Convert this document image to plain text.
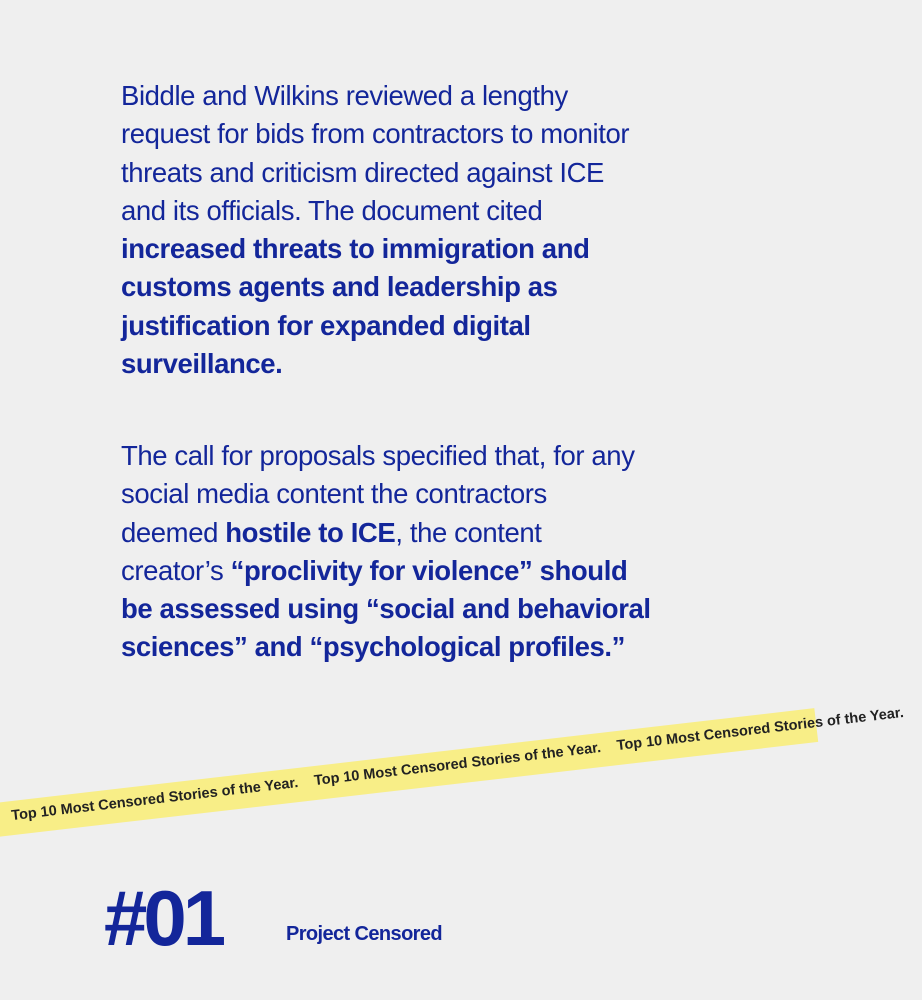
Biddle and Wilkins reviewed a lengthy request for bids from contractors to monitor threats and criticism directed against ICE and its officials. The document cited increased threats to immigration and customs agents and leadership as justification for expanded digital surveillance.
The call for proposals specified that, for any social media content the contractors deemed hostile to ICE, the content creator’s “proclivity for violence” should be assessed using “social and behavioral sciences” and “psychological profiles.”
Top 10 Most Censored Stories of the Year.Top 10 Most Censored Stories of the Year.Top 10 Most Censored Stories of the Year.
#01	Project Censored
